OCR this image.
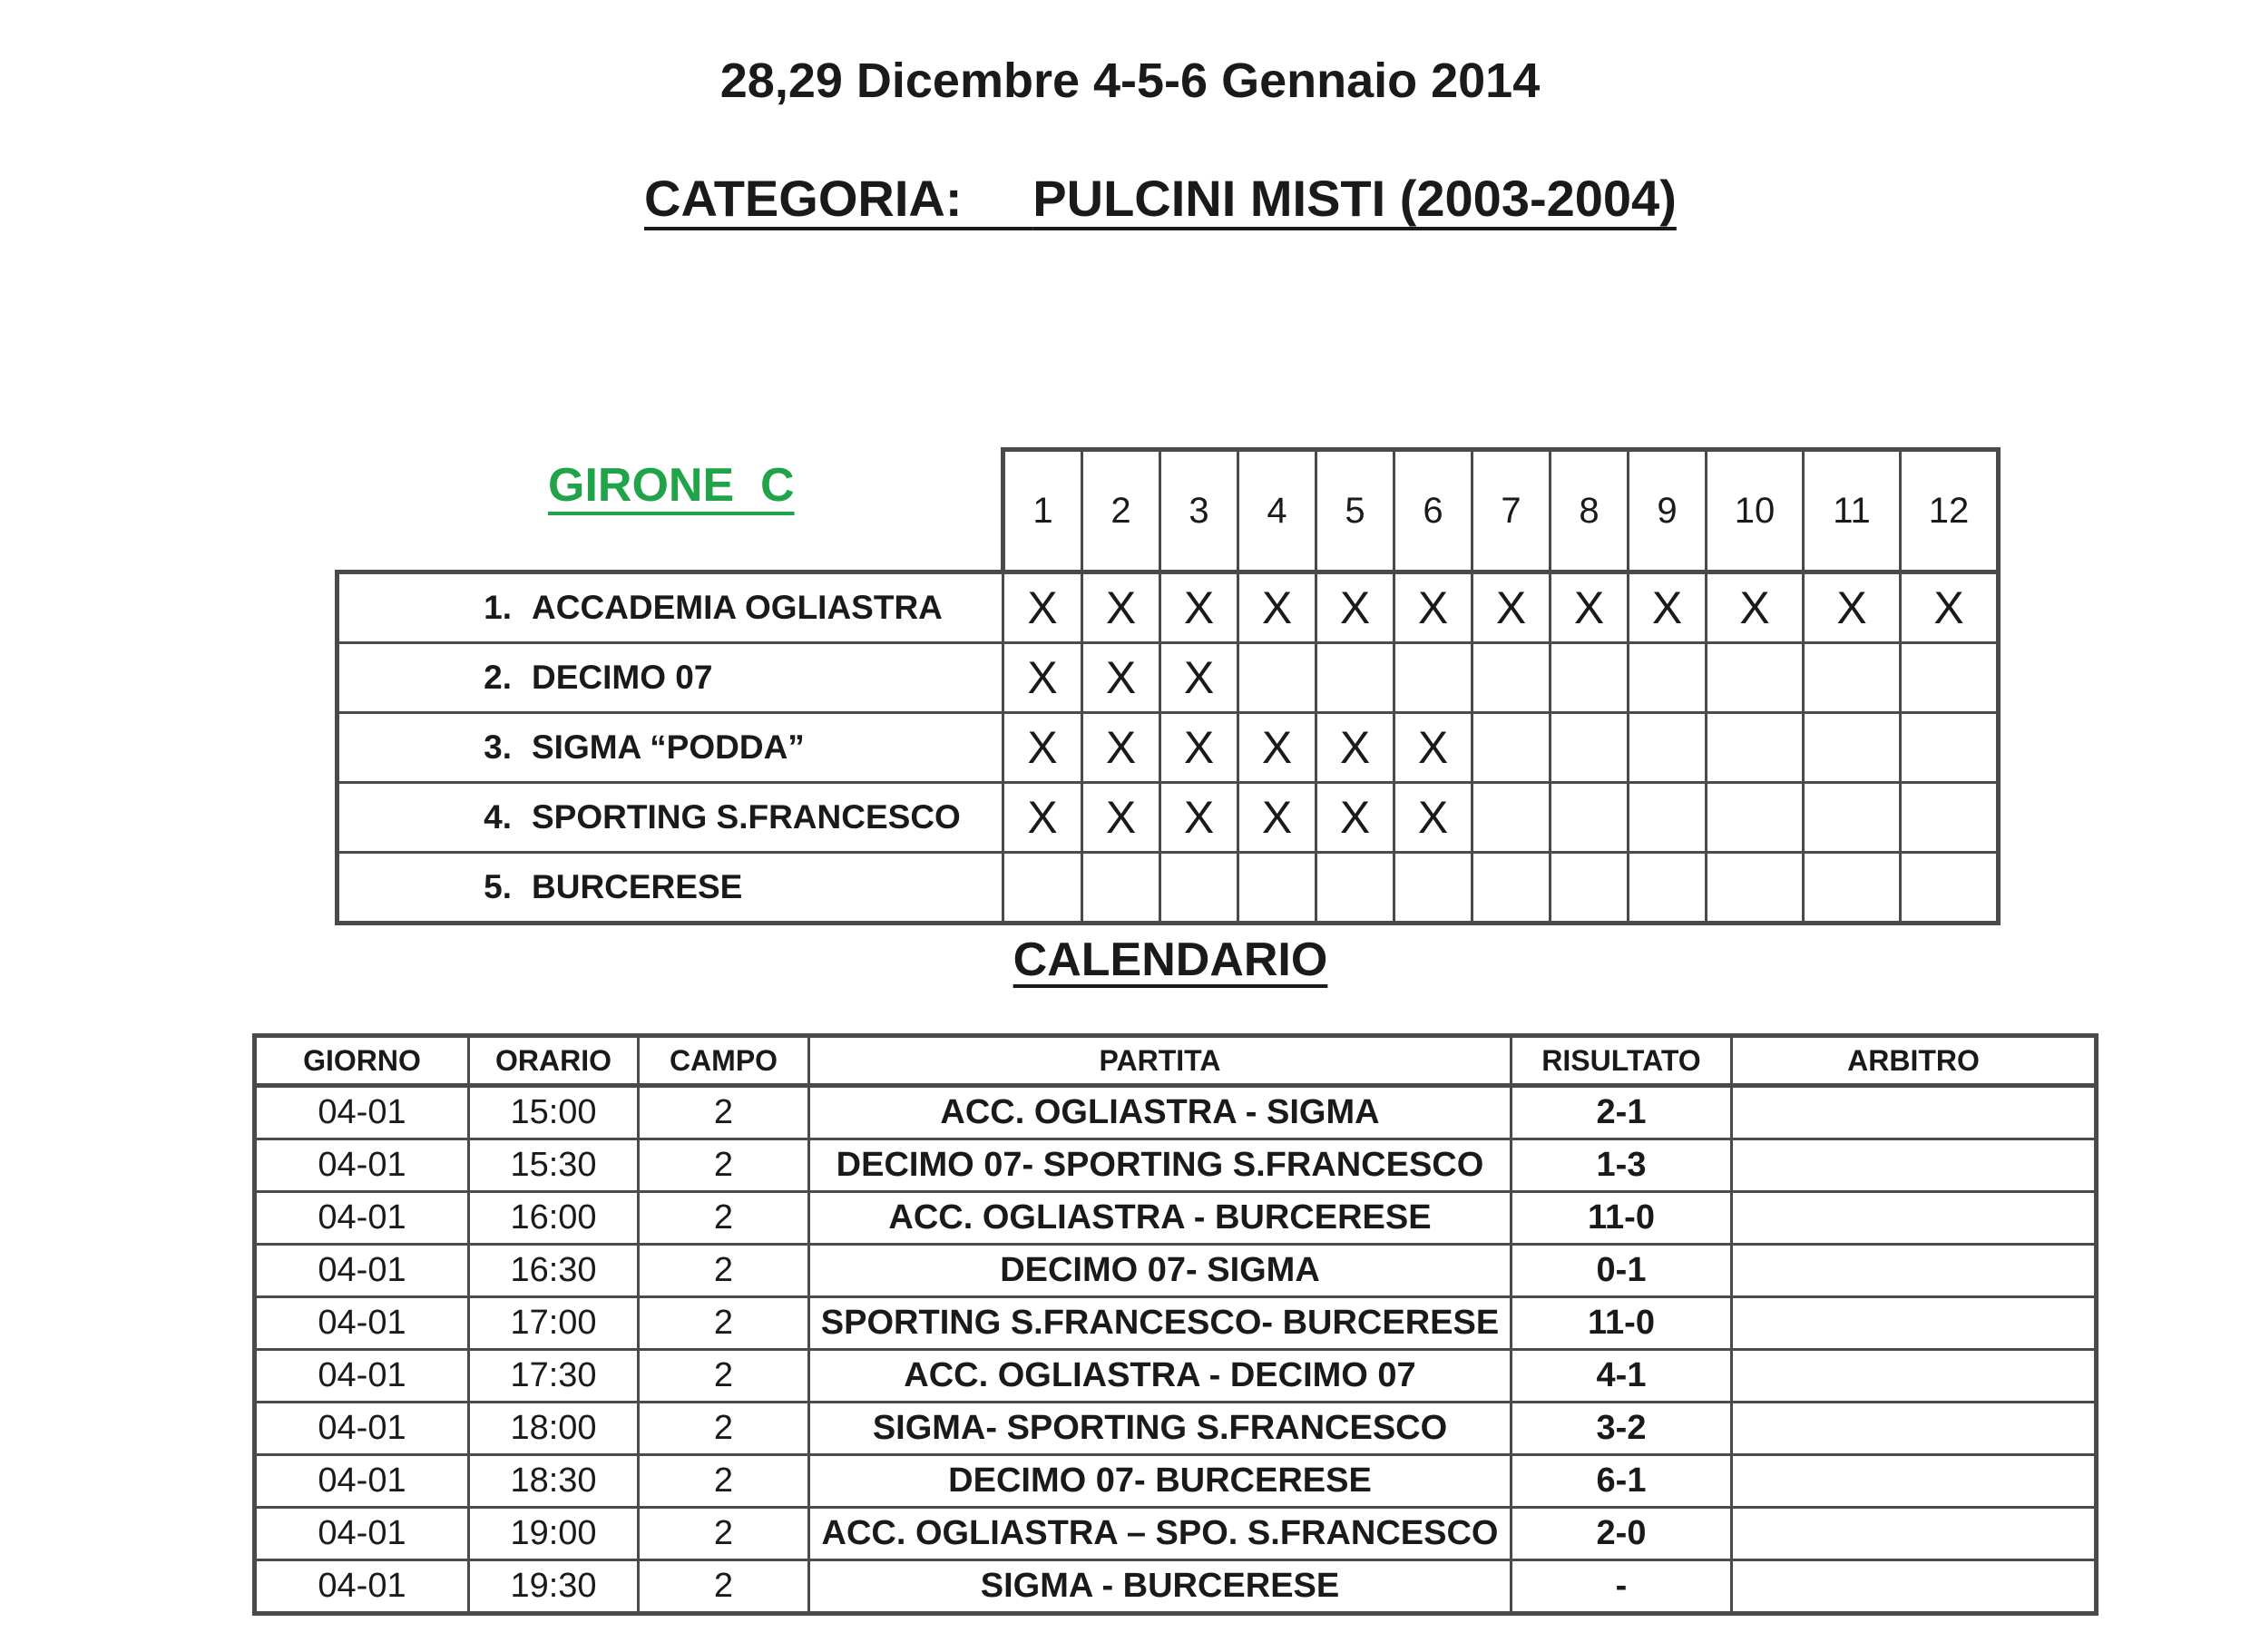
28,29 Dicembre 4-5-6 Gennaio 2014
CATEGORIA: PULCINI MISTI (2003-2004)
GIRONE  C
		1	2	3	4	5	6	7	8	9	10	11	12
1. ACCADEMIA OGLIASTRA	X	X	X	X	X	X	X	X	X	X	X	X
2. DECIMO 07	X	X	X									
3. SIGMA “PODDA”	X	X	X	X	X	X						
4. SPORTING S.FRANCESCO	X	X	X	X	X	X						
5. BURCERESE												
CALENDARIO
GIORNO	ORARIO	CAMPO	PARTITA	RISULTATO	ARBITRO
04-01	15:00	2	ACC. OGLIASTRA - SIGMA	2-1	
04-01	15:30	2	DECIMO 07- SPORTING S.FRANCESCO	1-3	
04-01	16:00	2	ACC. OGLIASTRA - BURCERESE	11-0	
04-01	16:30	2	DECIMO 07- SIGMA	0-1	
04-01	17:00	2	SPORTING S.FRANCESCO- BURCERESE	11-0	
04-01	17:30	2	ACC. OGLIASTRA - DECIMO 07	4-1	
04-01	18:00	2	SIGMA- SPORTING S.FRANCESCO	3-2	
04-01	18:30	2	DECIMO 07- BURCERESE	6-1	
04-01	19:00	2	ACC. OGLIASTRA – SPO. S.FRANCESCO	2-0	
04-01	19:30	2	SIGMA - BURCERESE	-	
